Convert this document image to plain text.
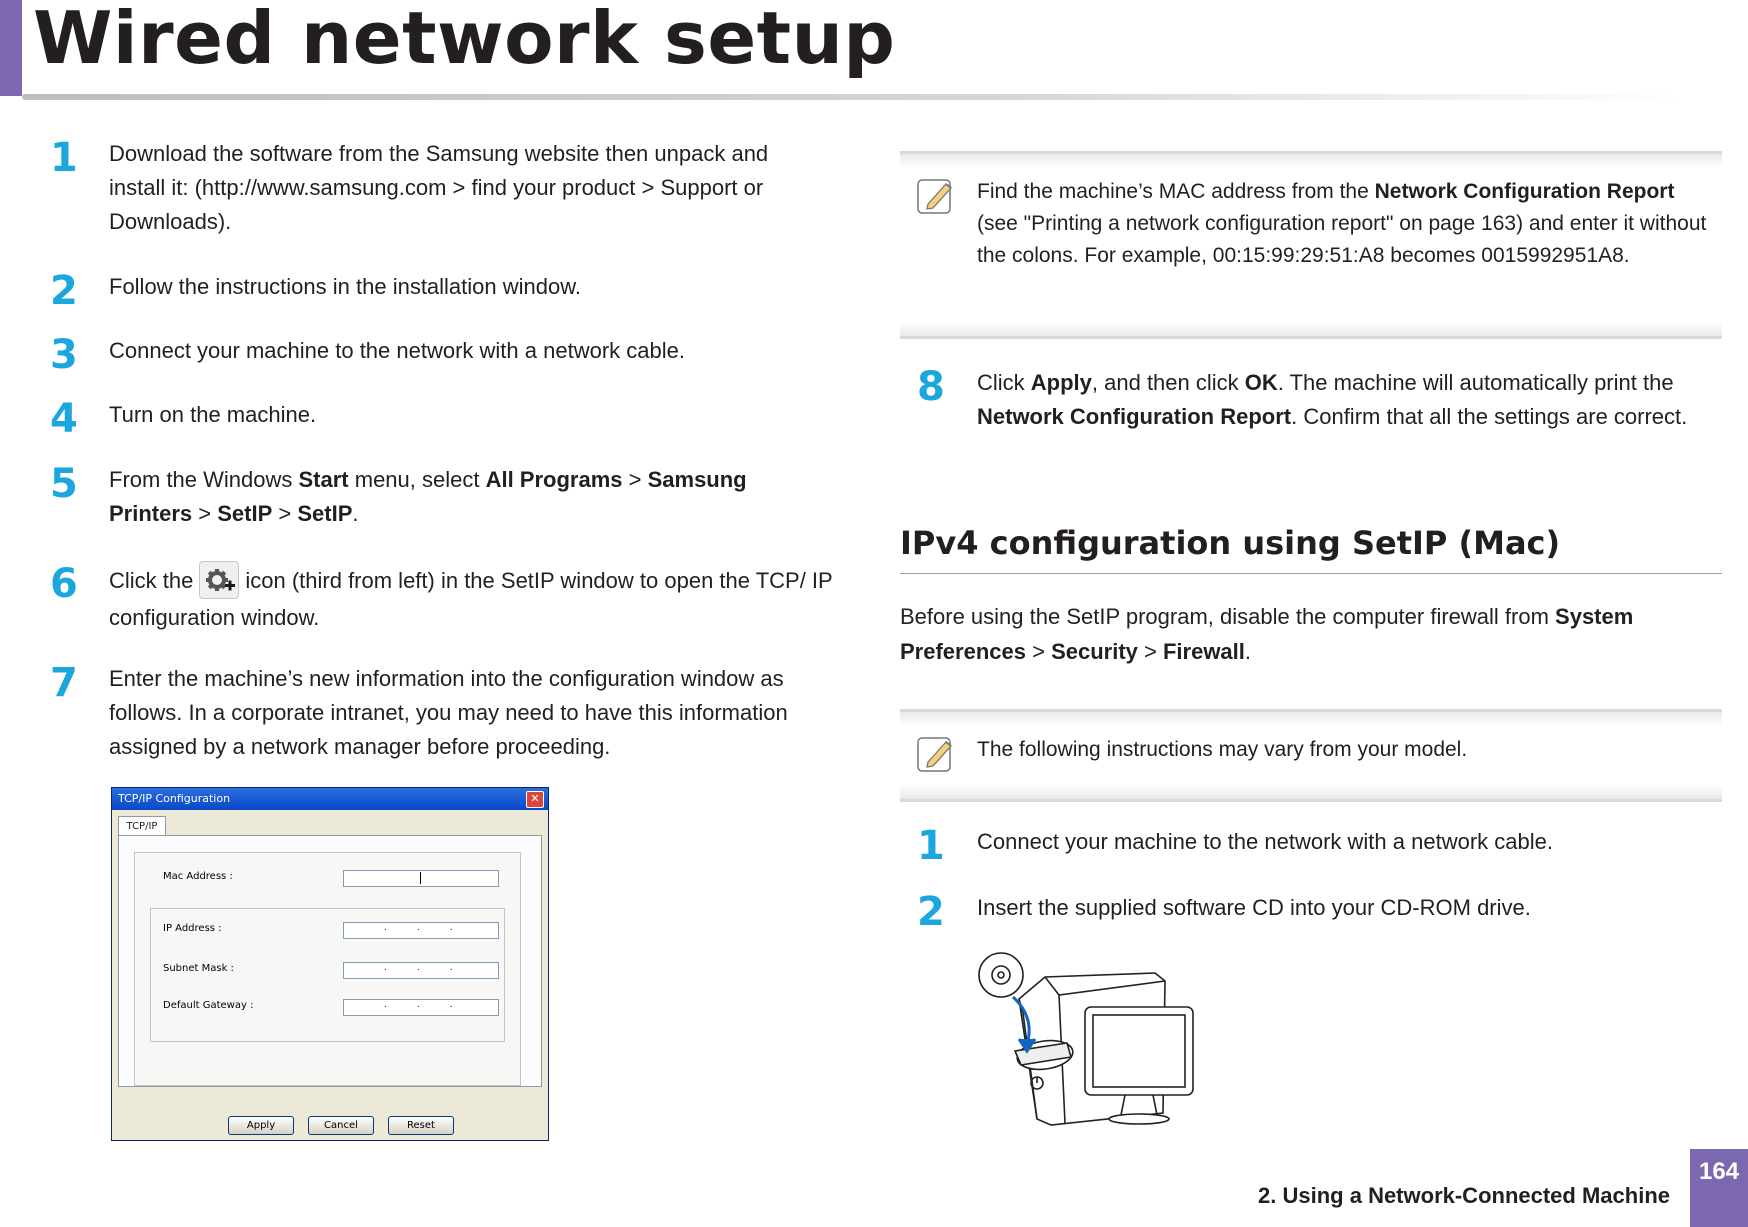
Wired network setup
1 Download the software from the Samsung website then unpack and install it: (http://www.samsung.com > find your product > Support or Downloads).
2 Follow the instructions in the installation window.
3 Connect your machine to the network with a network cable.
4 Turn on the machine.
5 From the Windows Start menu, select All Programs > Samsung Printers > SetIP > SetIP.
6 Click the icon (third from left) in the SetIP window to open the TCP/ IP configuration window.
7 Enter the machine’s new information into the configuration window as follows. In a corporate intranet, you may need to have this information assigned by a network manager before proceeding.
TCP/IP Configuration	✕
TCP/IP
Mac Address :
IP Address :	...
Subnet Mask :	...
Default Gateway :	...
Apply	Cancel	Reset
Find the machine’s MAC address from the Network Configuration Report (see "Printing a network configuration report" on page 163) and enter it without the colons. For example, 00:15:99:29:51:A8 becomes 0015992951A8.
8 Click Apply, and then click OK. The machine will automatically print the Network Configuration Report. Confirm that all the settings are correct.
IPv4 configuration using SetIP (Mac)
Before using the SetIP program, disable the computer firewall from System Preferences > Security > Firewall.
The following instructions may vary from your model.
1 Connect your machine to the network with a network cable.
2 Insert the supplied software CD into your CD-ROM drive.
2. Using a Network-Connected Machine
164
